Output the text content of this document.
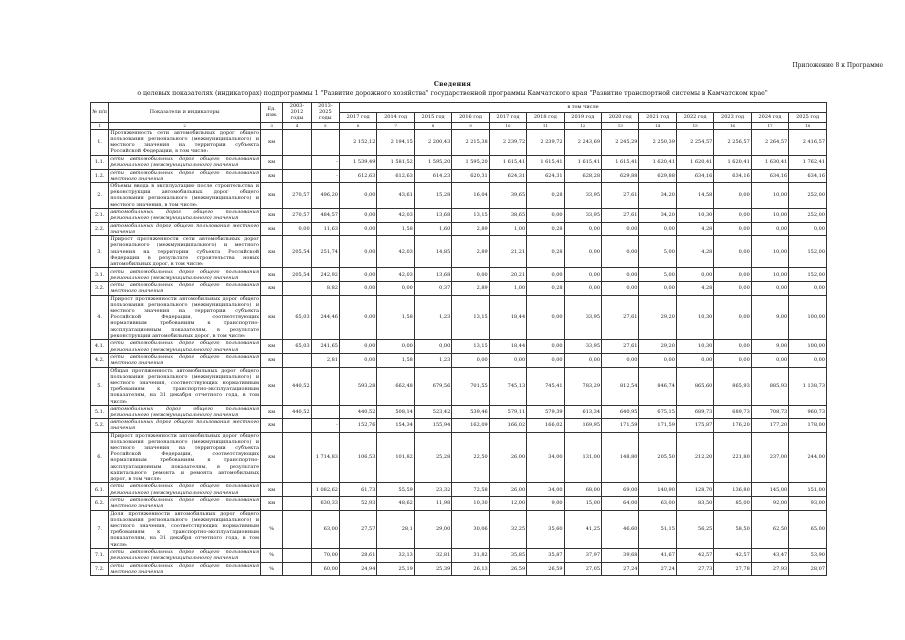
Приложение 8 к Программе
Сведения
о целевых показателях (индикаторах) подпрограммы 1 "Развитие дорожного хозяйства" государственной программы Камчатского края "Развитие транспортной системы в Камчатском крае"
№ п/п	Показатели и индикаторы	Ед. изм.	2003-2012 годы	2013-2025 годы	в том числе												
					2017 год	2014 год	2015 год	2016 год	2017 год	2018 год	2019 год	2020 год	2021 год	2022 год	2023 год	2024 год	2025 год
1	2	3	4	5	6	7	8	9	10	11	12	13	14	15	16	17	18
1.	Протяженность сети автомобильных дорог общего пользования регионального (межмуниципального) и местного значения на территории субъекта Российской Федерации, в том числе:	км			2 152,12	2 194,15	2 200,43	2 215,38	2 239,72	2 239,72	2 243,69	2 245,29	2 250,39	2 254,57	2 256,57	2 264,57	2 416,57
1.1.	сети автомобильных дорог общего пользования регионального (межмуниципального) значения	км		-	1 539,49	1 581,52	1 595,20	1 595,20	1 615,41	1 615,41	1 615,41	1 615,41	1 620,41	1 620,41	1 620,41	1 630,41	1 762,41
1.2.	сети автомобильных дорог общего пользования местного значения	км		-	612,63	612,63	614,23	620,31	624,31	624,31	628,28	629,88	629,88	634,16	634,16	634,16	634,16
2.	Объемы ввода в эксплуатацию после строительства и реконструкции автомобильных дорог общего пользования регионального (межмуниципального) и местного значения, в том числе:	км	270,57	496,20	0,00	43,61	15,28	16,04	39,65	0,28	33,95	27,61	34,20	14,58	0,00	10,00	252,00
2.1.	автомобильных дорог общего пользования регионального (межмуниципального) значения	км	270,57	484,57	0,00	42,03	13,68	13,15	38,65	0,00	33,95	27,61	34,20	10,30	0,00	10,00	252,00
2.2.	автомобильных дорог общего пользования местного значения	км	0,00	11,63	0,00	1,58	1,60	2,89	1,00	0,28	0,00	0,00	0,00	4,28	0,00	0,00	0,00
3.	Прирост протяженности сети автомобильных дорог регионального (межмуниципального) и местного значения на территории субъекта Российской Федерации в результате строительства новых автомобильных дорог, в том числе:	км	205,54	251,74	0,00	42,03	14,85	2,89	21,21	0,28	0,00	0,00	5,00	4,28	0,00	10,00	152,00
3.1.	сети автомобильных дорог общего пользования регионального (межмуниципального) значения	км	205,54	242,92	0,00	42,03	13,68	0,00	20,21	0,00	0,00	0,00	5,00	0,00	0,00	10,00	152,00
3.2.	сети автомобильных дорог общего пользования местного значения	км		8,82	0,00	0,00	0,37	2,89	1,00	0,28	0,00	0,00	0,00	4,28	0,00	0,00	0,00
4.	Прирост протяженности автомобильных дорог общего пользования регионального (межмуниципального) и местного значения на территории субъекта Российской Федерации, соответствующих нормативным требованиям к транспортно-эксплуатационным показателям, в результате реконструкции автомобильных дорог, в том числе:	км	65,03	244,46	0,00	1,58	1,23	13,15	18,44	0,00	33,95	27,61	29,20	10,30	0,00	9,00	100,00
4.1.	сети автомобильных дорог общего пользования регионального (межмуниципального) значения	км	65,03	241,65	0,00	0,00	0,00	13,15	18,44	0,00	33,95	27,61	29,20	10,30	0,00	9,00	100,00
4.2.	сети автомобильных дорог общего пользования местного значения	км		2,81	0,00	1,58	1,23	0,00	0,00	0,00	0,00	0,00	0,00	0,00	0,00	0,00	0,00
5.	Общая протяженность автомобильных дорог общего пользования регионального (межмуниципального) и местного значения, соответствующих нормативным требованиям к транспортно-эксплуатационным показателям, на 31 декабря отчетного года, в том числе:	км	440,52		593,28	662,48	679,56	701,55	745,13	745,41	783,29	812,54	846,74	865,60	865,93	885,93	1 138,73
5.1.	автомобильных дорог общего пользования регионального (межмуниципального) значения	км	440,52		440,52	508,14	523,42	539,46	579,11	579,39	613,34	640,95	675,15	689,73	689,73	708,73	960,73
5.2.	автомобильных дорог общего пользования местного значения	км		-	152,76	154,34	155,94	162,09	166,02	166,02	169,95	171,59	171,59	175,87	176,20	177,20	178,00
6.	Прирост протяженности автомобильных дорог общего пользования регионального (межмуниципального) и местного значения на территории субъекта Российской Федерации, соответствующих нормативным требованиям к транспортно-эксплуатационным показателям, в результате капитального ремонта и ремонта автомобильных дорог, в том числе:	км		1 714,83	106,53	101,82	25,28	22,50	26,00	34,00	131,00	148,80	205,50	212,20	221,80	237,00	244,00
6.1.	сети автомобильных дорог общего пользования регионального (межмуниципального) значения	км		1 082,62	61,73	55,59	23,32	72,58	26,00	34,00	68,00	69,00	140,90	128,70	136,80	145,00	151,00
6.2.	сети автомобильных дорог общего пользования местного значения	км		630,33	52,93	48,62	11,98	10,30	12,00	9,00	15,00	64,00	63,00	83,50	85,00	92,00	93,00
7.	Доля протяженности автомобильных дорог общего пользования регионального (межмуниципального) и местного значения, соответствующих нормативным требованиям к транспортно-эксплуатационным показателям, на 31 декабря отчетного года, в том числе:	%		63,00	27,57	28,1	29,00	30,06	32,25	35,60	41,25	46,60	51,15	56,25	58,50	62,50	65,00
7.1.	сети автомобильных дорог общего пользования регионального (межмуниципального) значения	%		70,00	28,61	32,13	32,81	31,82	35,85	35,87	37,97	39,68	41,67	42,57	42,57	43,47	53,90
7.2.	сети автомобильных дорог общего пользования местного значения	%		60,00	24,94	25,19	25,39	26,13	26,59	26,59	27,05	27,24	27,24	27,73	27,78	27,93	28,07
